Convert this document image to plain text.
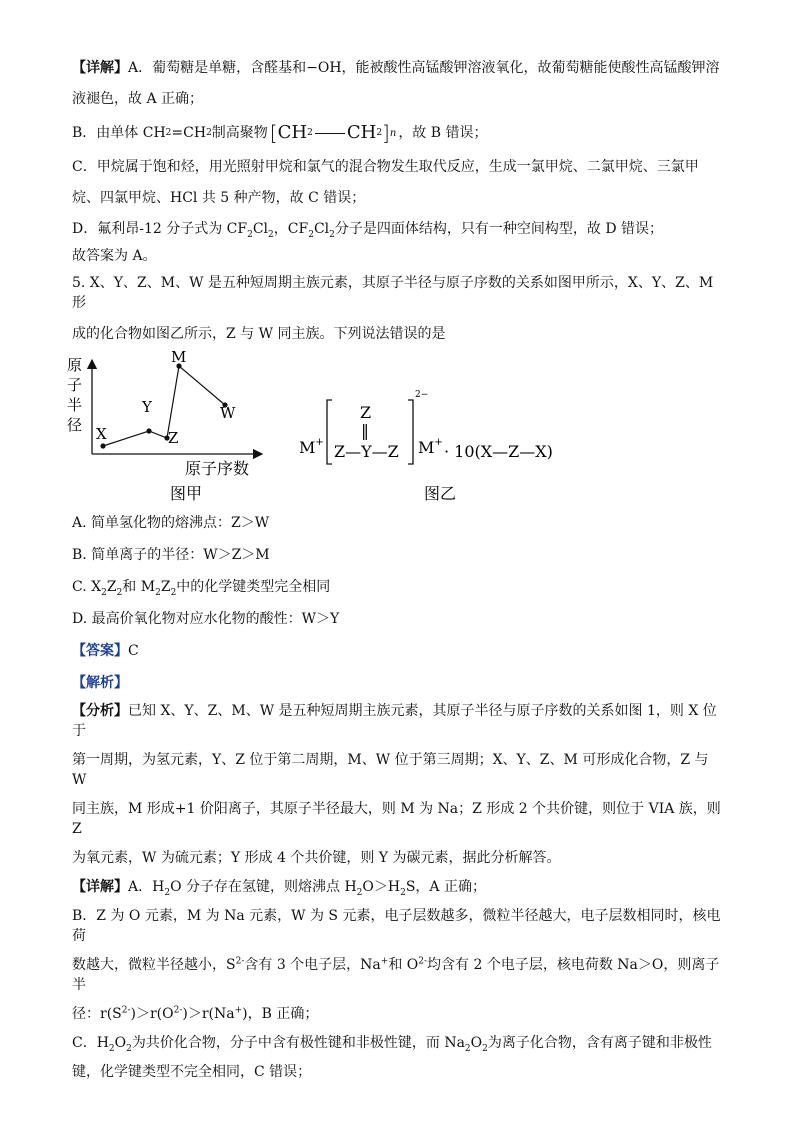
【详解】A．葡萄糖是单糖，含醛基和−OH，能被酸性高锰酸钾溶液氧化，故葡萄糖能使酸性高锰酸钾溶

液褪色，故 A 正确；

B．由单体 CH 2 =CH 2 制高聚物 [ CH 2 CH 2 ] n ，故 B 错误；

C．甲烷属于饱和烃，用光照射甲烷和氯气的混合物发生取代反应，生成一氯甲烷、二氯甲烷、三氯甲

烷、四氯甲烷、HCl 共 5 种产物，故 C 错误；

D．氟利昂-12 分子式为 $CF_2Cl_2$，$CF_2Cl_2$分子是四面体结构，只有一种空间构型，故 D 错误；

故答案为 A。

5. X、Y、Z、M、W 是五种短周期主族元素，其原子半径与原子序数的关系如图甲所示，X、Y、Z、M 形

成的化合物如图乙所示，Z 与 W 同主族。下列说法错误的是

原
子
半
径 X
Y
Z
M
W
原子序数
图甲
M+
Z
‖
Z—Y—Z
2−
M+ · 10(X—Z—X)
图乙

A. 简单氢化物的熔沸点：Z＞W

B. 简单离子的半径：W＞Z＞M

C. $X_2Z_2$和 $M_2Z_2$中的化学键类型完全相同

D. 最高价氧化物对应水化物的酸性：W＞Y

【答案】C

【解析】

【分析】已知 X、Y、Z、M、W 是五种短周期主族元素，其原子半径与原子序数的关系如图 1，则 X 位于

第一周期，为氢元素，Y、Z 位于第二周期，M、W 位于第三周期；X、Y、Z、M 可形成化合物，Z 与 W

同主族，M 形成+1 价阳离子，其原子半径最大，则 M 为 Na；Z 形成 2 个共价键，则位于 VIA 族，则 Z

为氧元素，W 为硫元素；Y 形成 4 个共价键，则 Y 为碳元素，据此分析解答。

【详解】A．$H_2O$ 分子存在氢键，则熔沸点 $H_2O>H_2S$，A 正确；

B．Z 为 O 元素，M 为 Na 元素，W 为 S 元素，电子层数越多，微粒半径越大，电子层数相同时，核电荷

数越大，微粒半径越小，$S^{2-}$含有 3 个电子层，Na+和 $O^{2-}$均含有 2 个电子层，核电荷数 Na＞O，则离子半

径：$r(S^{2-})>r(O^{2-})>r(Na^+)$，B 正确；

C．$H_2O_2$为共价化合物，分子中含有极性键和非极性键，而 $Na_2O_2$为离子化合物，含有离子键和非极性

键，化学键类型不完全相同，C 错误；
